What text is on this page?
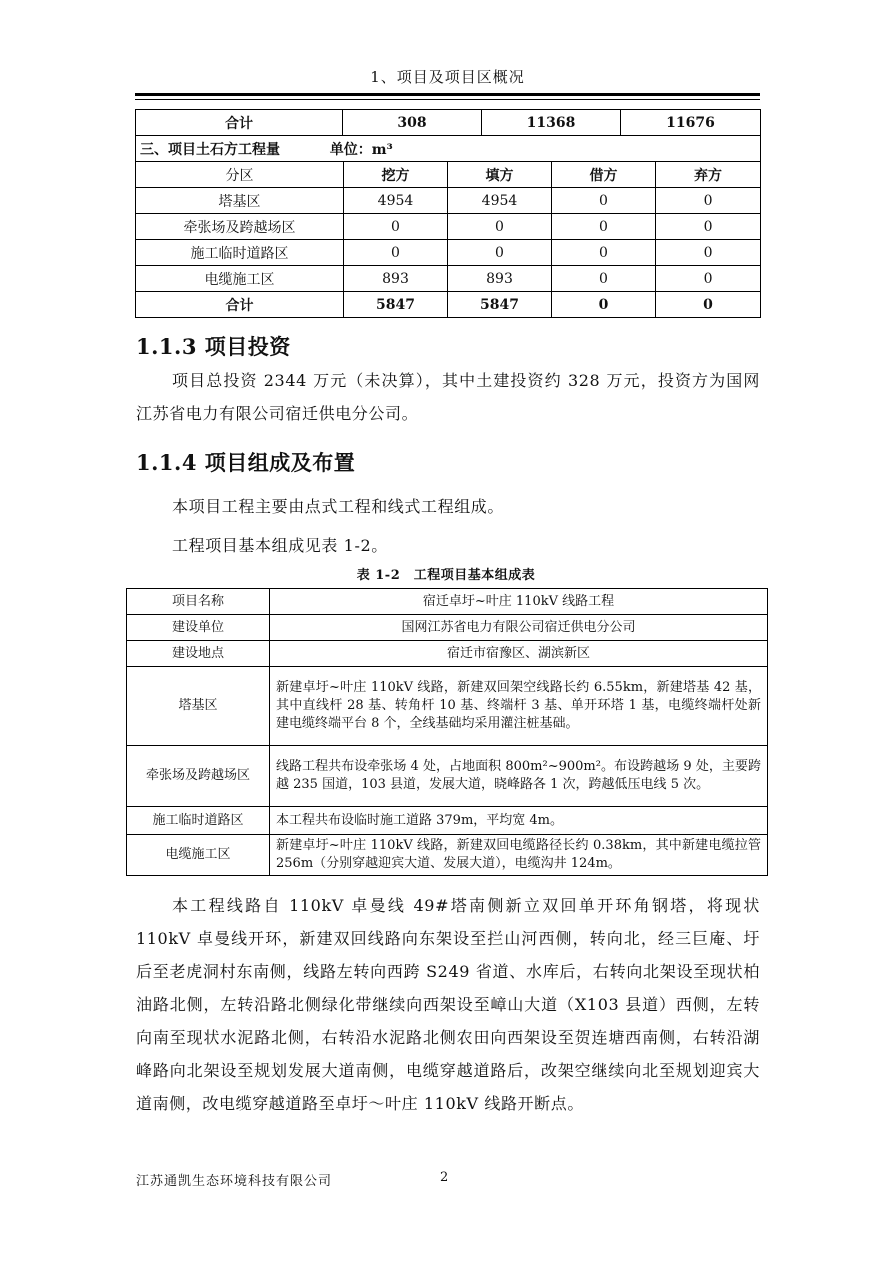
1、项目及项目区概况
合计	308	11368	11676
三、项目土石方工程量 单位：m³				
分区	挖方	填方	借方	弃方
塔基区	4954	4954	0	0
牵张场及跨越场区	0	0	0	0
施工临时道路区	0	0	0	0
电缆施工区	893	893	0	0
合计	5847	5847	0	0
1.1.3 项目投资

项目总投资 2344 万元（未决算），其中土建投资约 328 万元，投资方为国网江苏省电力有限公司宿迁供电分公司。

1.1.4 项目组成及布置

本项目工程主要由点式工程和线式工程组成。

工程项目基本组成见表 1-2。

表 1-2　工程项目基本组成表
项目名称	宿迁卓圩~叶庄 110kV 线路工程
建设单位	国网江苏省电力有限公司宿迁供电分公司
建设地点	宿迁市宿豫区、湖滨新区
塔基区	新建卓圩~叶庄 110kV 线路，新建双回架空线路长约 6.55km，新建塔基 42 基，其中直线杆 28 基、转角杆 10 基、终端杆 3 基、单开环塔 1 基，电缆终端杆处新建电缆终端平台 8 个，全线基础均采用灌注桩基础。
牵张场及跨越场区	线路工程共布设牵张场 4 处，占地面积 800m²~900m²。布设跨越场 9 处，主要跨越 235 国道，103 县道，发展大道，晓峰路各 1 次，跨越低压电线 5 次。
施工临时道路区	本工程共布设临时施工道路 379m，平均宽 4m。
电缆施工区	新建卓圩~叶庄 110kV 线路，新建双回电缆路径长约 0.38km，其中新建电缆拉管 256m（分别穿越迎宾大道、发展大道），电缆沟井 124m。

本工程线路自 110kV 卓曼线 49#塔南侧新立双回单开环角钢塔，将现状 110kV 卓曼线开环，新建双回线路向东架设至拦山河西侧，转向北，经三巨庵、圩后至老虎洞村东南侧，线路左转向西跨 S249 省道、水库后，右转向北架设至现状柏油路北侧，左转沿路北侧绿化带继续向西架设至嶂山大道（X103 县道）西侧，左转向南至现状水泥路北侧，右转沿水泥路北侧农田向西架设至贺连塘西南侧，右转沿湖峰路向北架设至规划发展大道南侧，电缆穿越道路后，改架空继续向北至规划迎宾大道南侧，改电缆穿越道路至卓圩～叶庄 110kV 线路开断点。

江苏通凯生态环境科技有限公司	2
